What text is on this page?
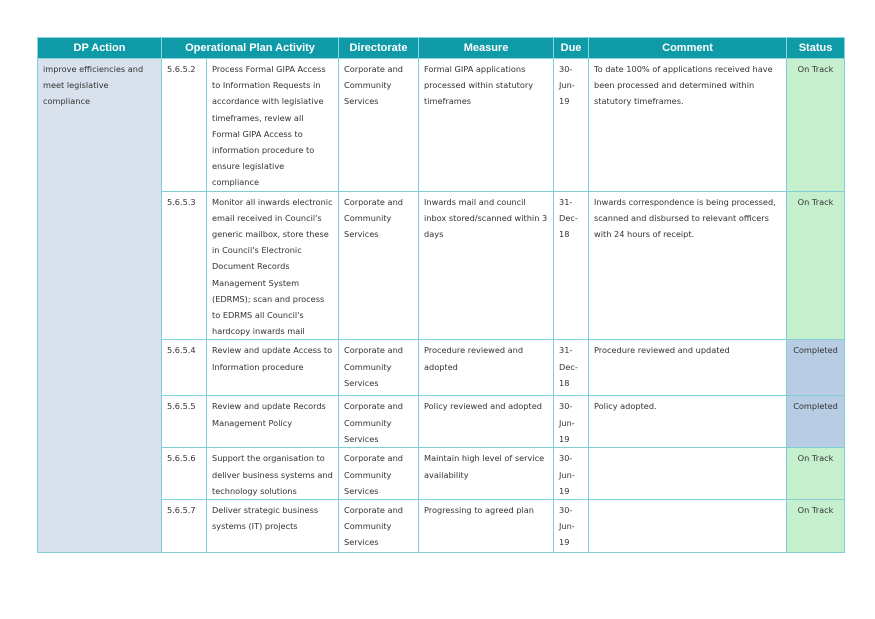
DP Action	Operational Plan Activity		Directorate	Measure	Due	Comment	Status
improve efficiencies and meet legislative compliance	5.6.5.2	Process Formal GIPA Access to Information Requests in accordance with legislative timeframes, review all Formal GIPA Access to information procedure to ensure legislative compliance	Corporate and Community Services	Formal GIPA applications processed within statutory timeframes	30-Jun-19	To date 100% of applications received have been processed and determined within statutory timeframes.	On Track
	5.6.5.3	Monitor all inwards electronic email received in Council's generic mailbox, store these in Council's Electronic Document Records Management System (EDRMS); scan and process to EDRMS all Council's hardcopy inwards mail	Corporate and Community Services	Inwards mail and council inbox stored/scanned within 3 days	31-Dec-18	Inwards correspondence is being processed, scanned and disbursed to relevant officers with 24 hours of receipt.	On Track
	5.6.5.4	Review and update Access to Information procedure	Corporate and Community Services	Procedure reviewed and adopted	31-Dec-18	Procedure reviewed and updated	Completed
	5.6.5.5	Review and update Records Management Policy	Corporate and Community Services	Policy reviewed and adopted	30-Jun-19	Policy adopted.	Completed
	5.6.5.6	Support the organisation to deliver business systems and technology solutions	Corporate and Community Services	Maintain high level of service availability	30-Jun-19		On Track
	5.6.5.7	Deliver strategic business systems (IT) projects	Corporate and Community Services	Progressing to agreed plan	30-Jun-19		On Track
